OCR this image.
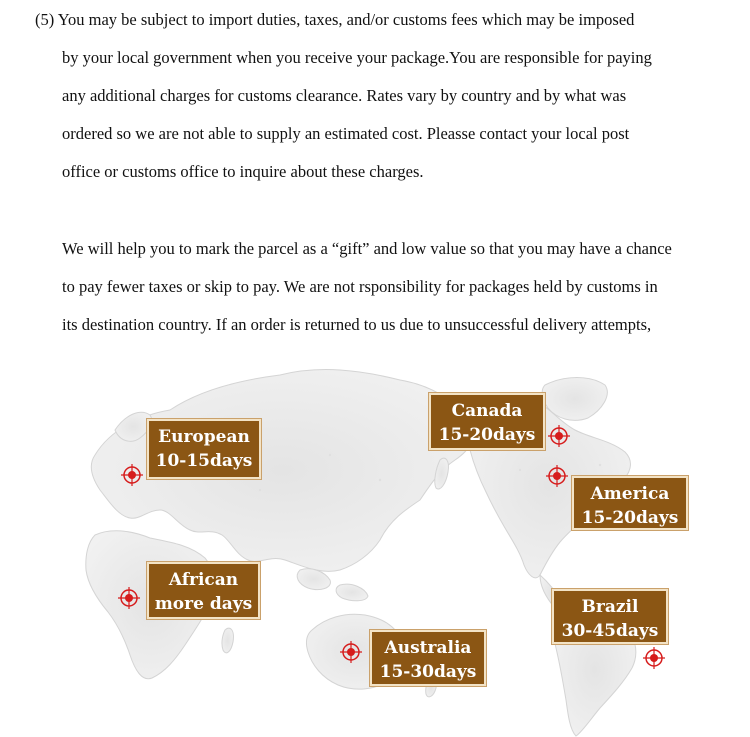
(5) You may be subject to import duties, taxes, and/or customs fees which may be imposed
by your local government when you receive your package.You are responsible for paying
any additional charges for customs clearance. Rates vary by country and by what was
ordered so we are not able to supply an estimated cost. Pleasse contact your local post
office or customs office to inquire about these charges.
We will help you to mark the parcel as a “gift” and low value so that you may have a chance
to pay fewer taxes or skip to pay. We are not rsponsibility for packages held by customs in
its destination country. If an order is returned to us due to unsuccessful delivery attempts,
European
10-15days
Canada
15-20days
America
15-20days
African
more days	Brazil
30-45days
Australia
15-30days
